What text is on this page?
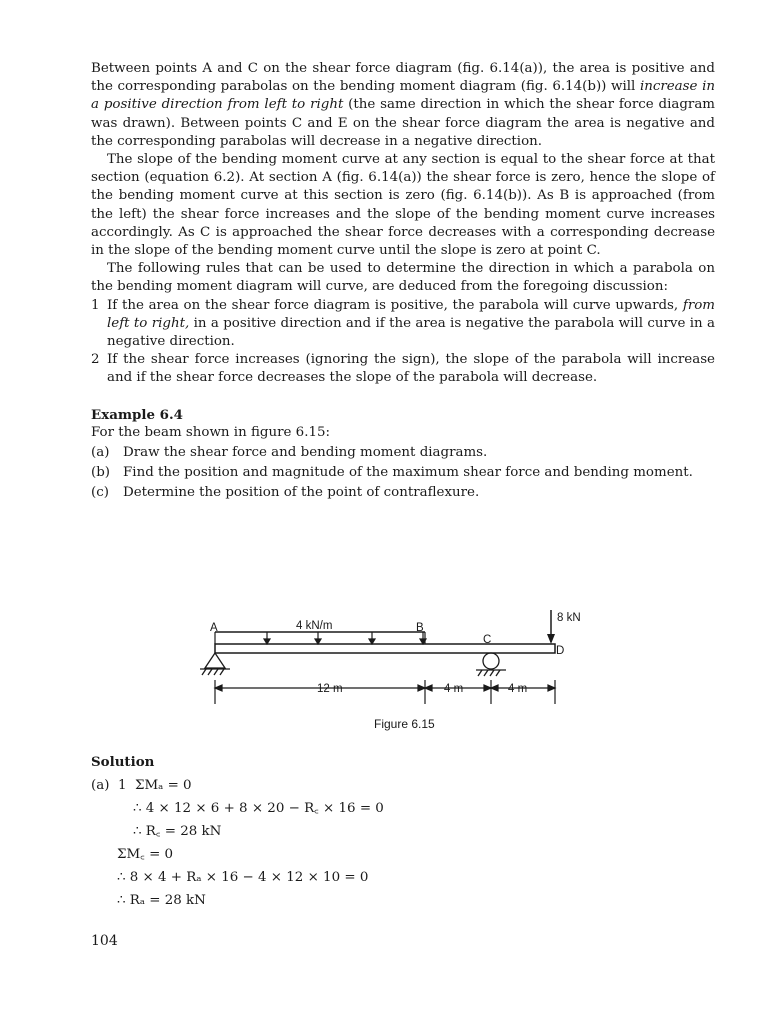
Between points A and C on the shear force diagram (fig. 6.14(a)), the area is positive and the corresponding parabolas on the bending moment diagram (fig. 6.14(b)) will increase in a positive direction from left to right (the same direction in which the shear force diagram was drawn). Between points C and E on the shear force diagram the area is negative and the corresponding parabolas will decrease in a negative direction.

The slope of the bending moment curve at any section is equal to the shear force at that section (equation 6.2). At section A (fig. 6.14(a)) the shear force is zero, hence the slope of the bending moment curve at this section is zero (fig. 6.14(b)). As B is approached (from the left) the shear force increases and the slope of the bending moment curve increases accordingly. As C is approached the shear force decreases with a corresponding decrease in the slope of the bending moment curve until the slope is zero at point C.

The following rules that can be used to determine the direction in which a parabola on the bending moment diagram will curve, are deduced from the foregoing discussion:

1 If the area on the shear force diagram is positive, the parabola will curve upwards, from left to right, in a positive direction and if the area is negative the parabola will curve in a negative direction.
2 If the shear force increases (ignoring the sign), the slope of the parabola will increase and if the shear force decreases the slope of the parabola will decrease.
Example 6.4

For the beam shown in figure 6.15:

(a)	Draw the shear force and bending moment diagrams.
(b) Find the position and magnitude of the maximum shear force and bending moment.
(c)	Determine the position of the point of contraflexure.
A	4 kN/m	B
C
D
8 kN
12 m	4 m	4 m
Figure 6.15
Solution
(a)  1  ΣMₐ = 0
∴ 4 × 12 × 6 + 8 × 20 − R꜀ × 16 = 0
∴ R꜀ = 28 kN
ΣM꜀ = 0
∴ 8 × 4 + Rₐ × 16 − 4 × 12 × 10 = 0
∴ Rₐ = 28 kN
104
